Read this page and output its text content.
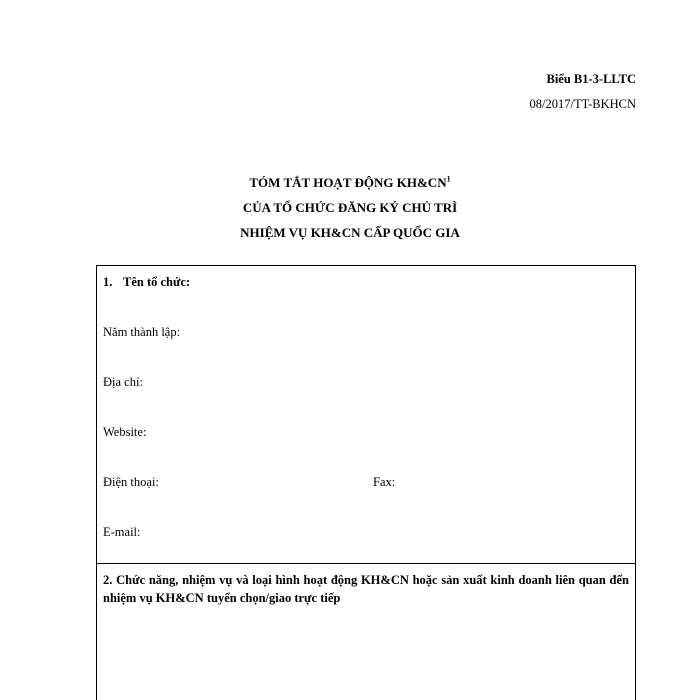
Biểu B1-3-LLTC
08/2017/TT-BKHCN
TÓM TẮT HOẠT ĐỘNG $KH\&CN^1$
CỦA TỔ CHỨC ĐĂNG KÝ CHỦ TRÌ
NHIỆM VỤ KH&CN CẤP QUỐC GIA
1. Tên tổ chức:
Năm thành lập:
Địa chỉ:
Website:
Điện thoại:	Fax:
E-mail:
2. Chức năng, nhiệm vụ và loại hình hoạt động KH&CN hoặc sản xuất kinh doanh liên quan đến nhiệm vụ KH&CN tuyển chọn/giao trực tiếp
